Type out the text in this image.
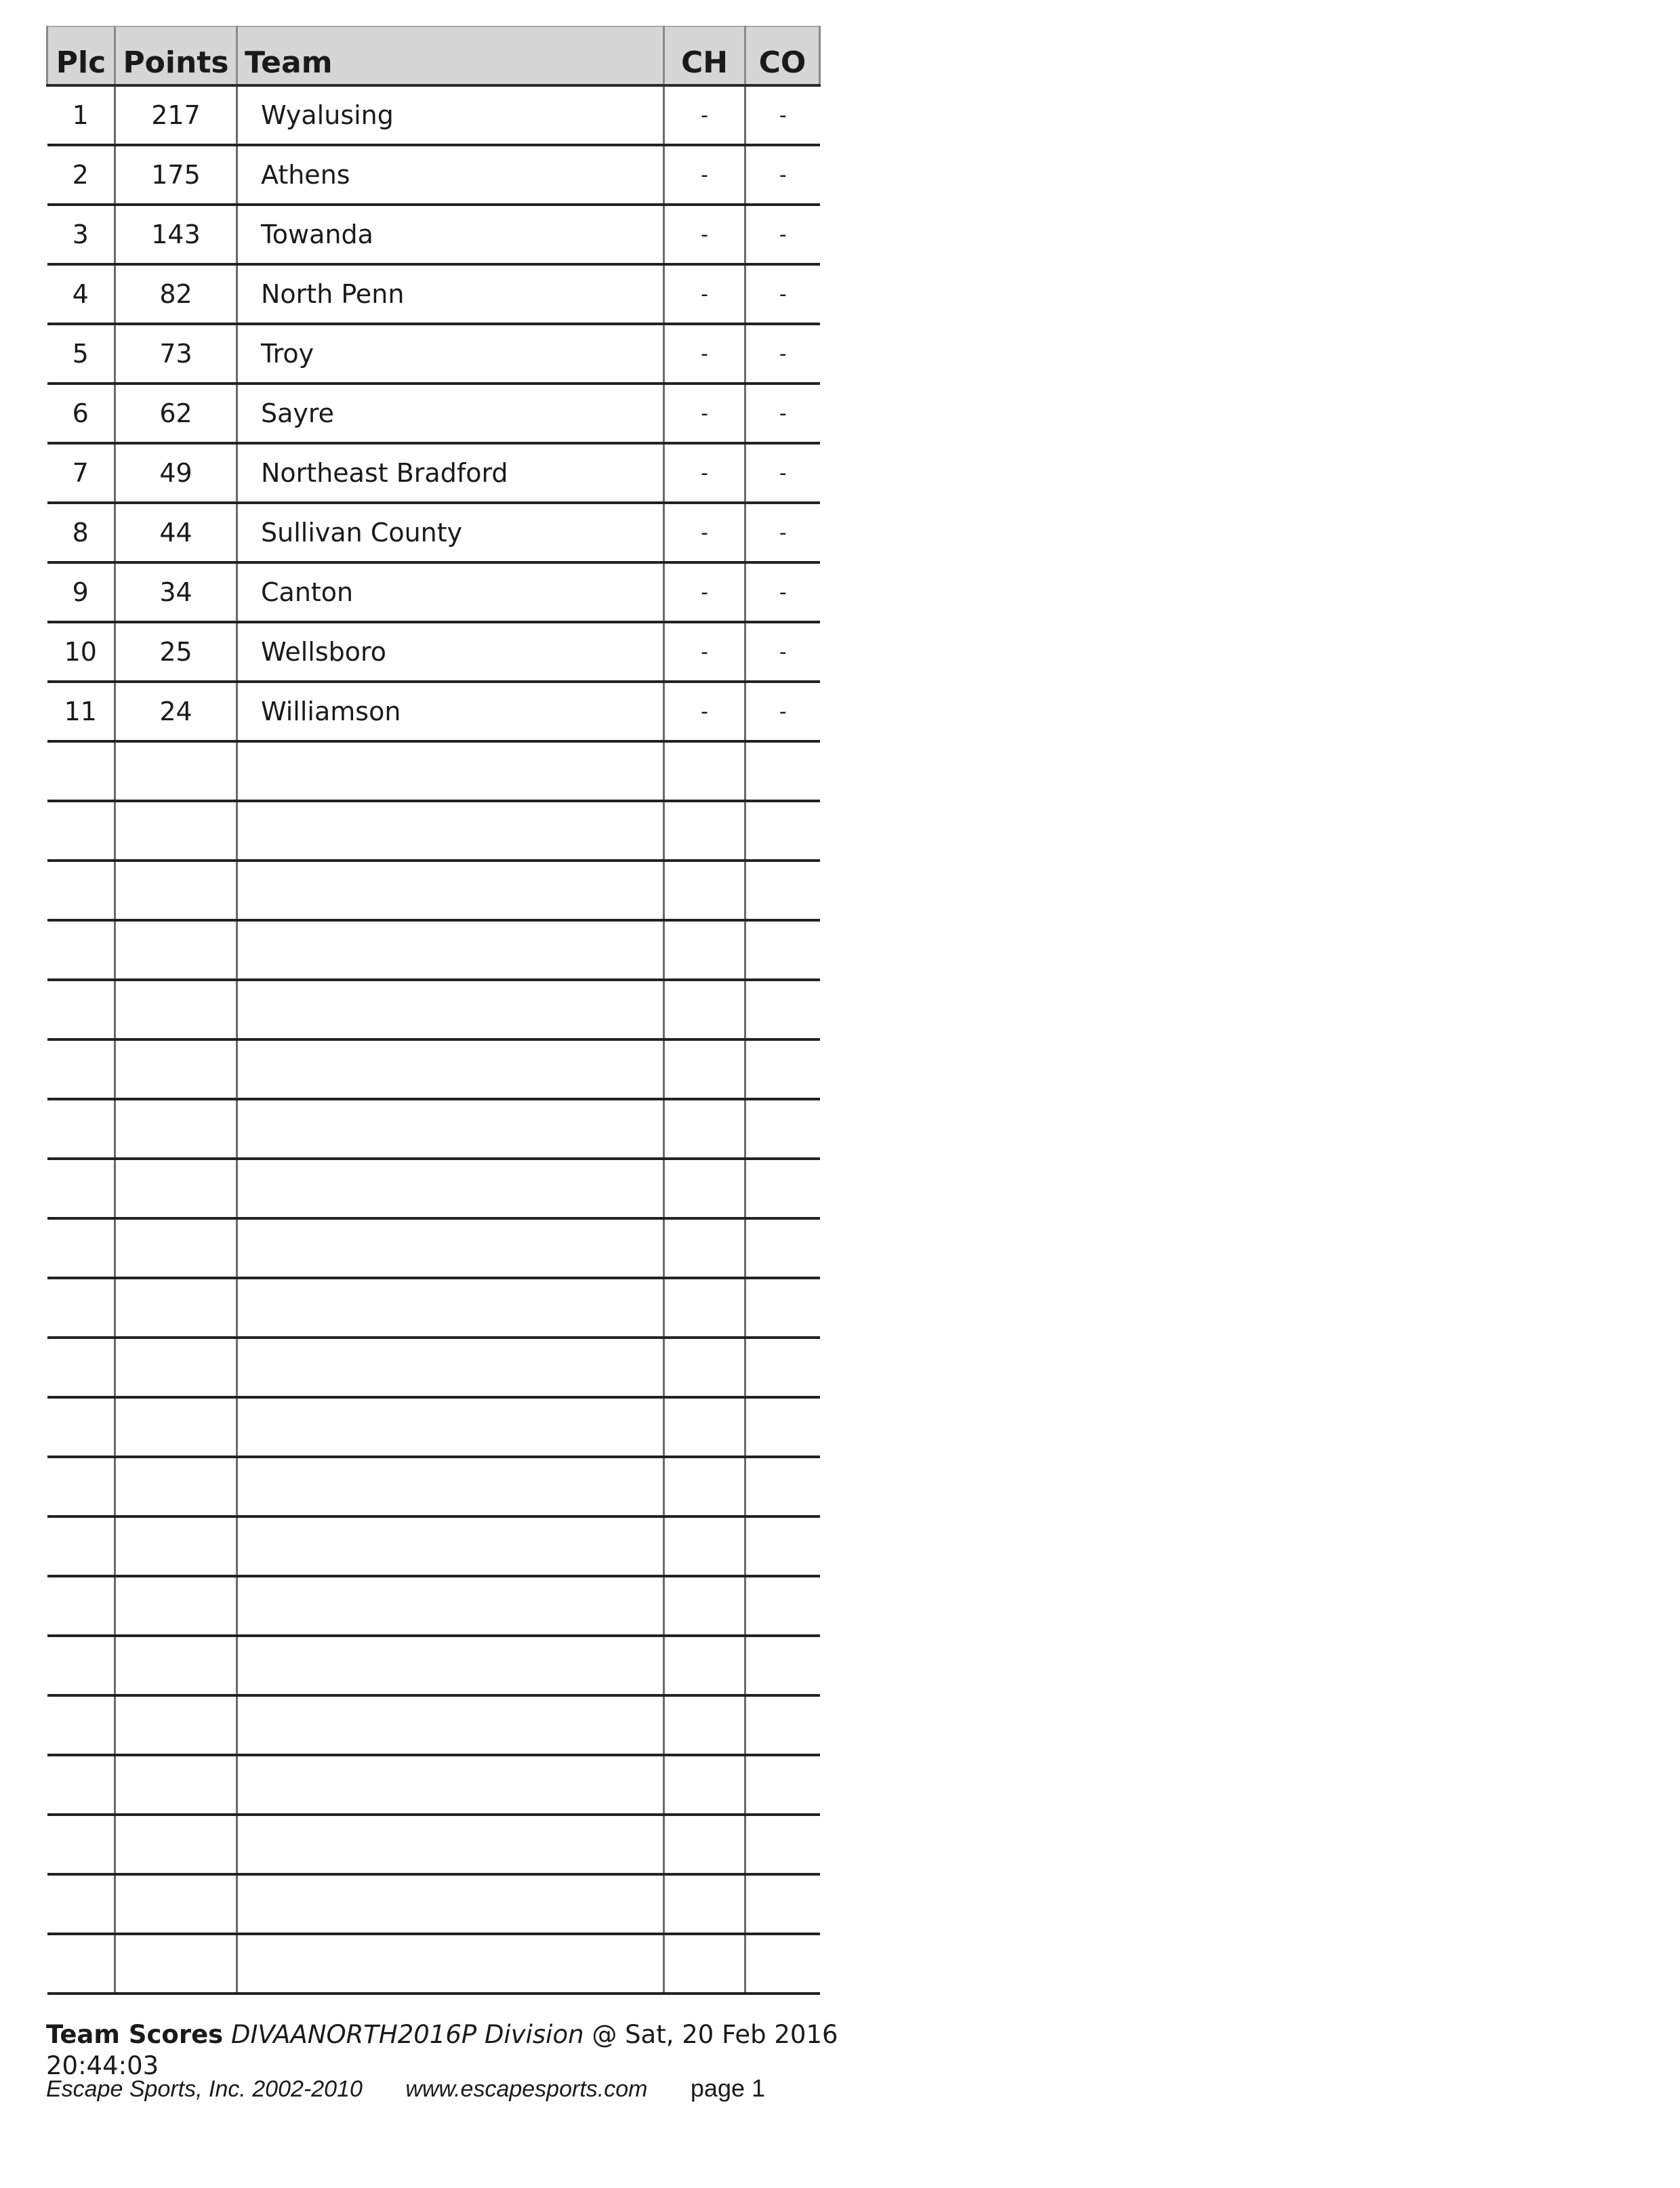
Plc	Points	Team	CH	CO
1	217	Wyalusing	-	-
2	175	Athens	-	-
3	143	Towanda	-	-
4	82	North Penn	-	-
5	73	Troy	-	-
6	62	Sayre	-	-
7	49	Northeast Bradford	-	-
8	44	Sullivan County	-	-
9	34	Canton	-	-
10	25	Wellsboro	-	-
11	24	Williamson	-	-

Team Scores DIVAANORTH2016P Division @ Sat, 20 Feb 2016 20:44:03
Escape Sports, Inc. 2002-2010 www.escapesports.com page 1
